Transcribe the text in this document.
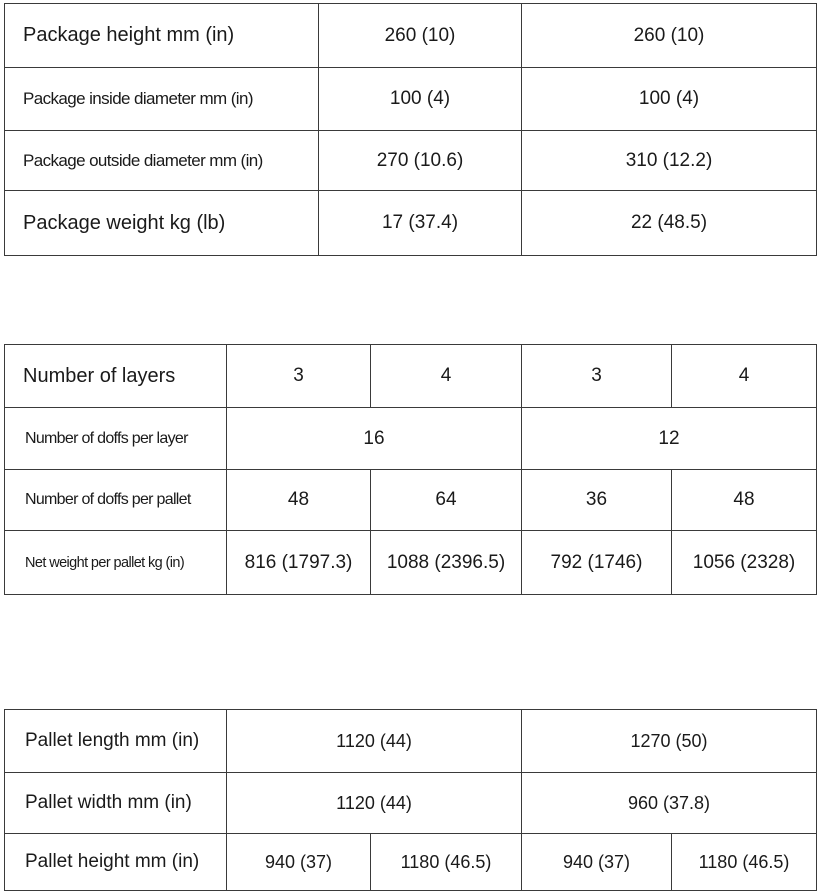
Package height mm (in)	260 (10)	260 (10)
Package inside diameter mm (in)	100 (4)	100 (4)
Package outside diameter mm (in)	270 (10.6)	310 (12.2)
Package weight kg (lb)	17 (37.4)	22 (48.5)
Number of layers	3	4	3	4
Number of doffs per layer	16		12	
Number of doffs per pallet	48	64	36	48
Net weight per pallet kg (in)	816 (1797.3)	1088 (2396.5)	792 (1746)	1056 (2328)
Pallet length mm (in)	1120 (44)		1270 (50)	
Pallet width mm (in)	1120 (44)		960 (37.8)	
Pallet height mm (in)	940 (37)	1180 (46.5)	940 (37)	1180 (46.5)
